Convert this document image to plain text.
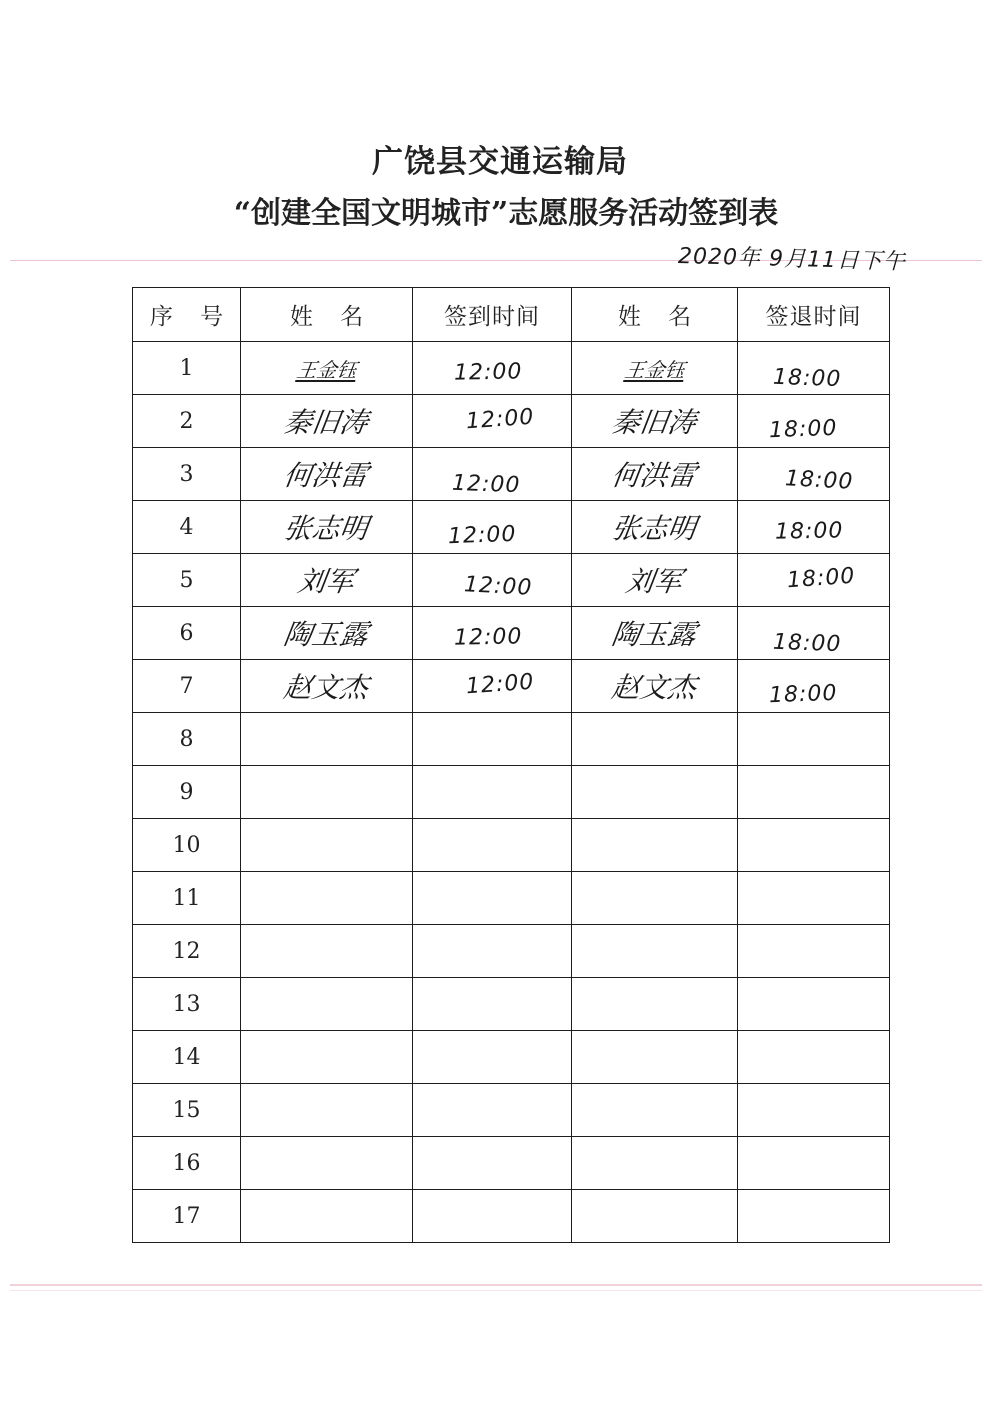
广饶县交通运输局
“创建全国文明城市”志愿服务活动签到表
2020年 9月11日下午
序 号	姓 名	签到时间	姓 名	签退时间
1	王金钰	12:00	王金钰	18:00
2	秦旧涛	12:00	秦旧涛	18:00
3	何洪雷	12:00	何洪雷	18:00
4	张志明	12:00	张志明	18:00
5	刘军	12:00	刘军	18:00
6	陶玉露	12:00	陶玉露	18:00
7	赵文杰	12:00	赵文杰	18:00
8				
9				
10				
11				
12				
13				
14				
15				
16				
17				
